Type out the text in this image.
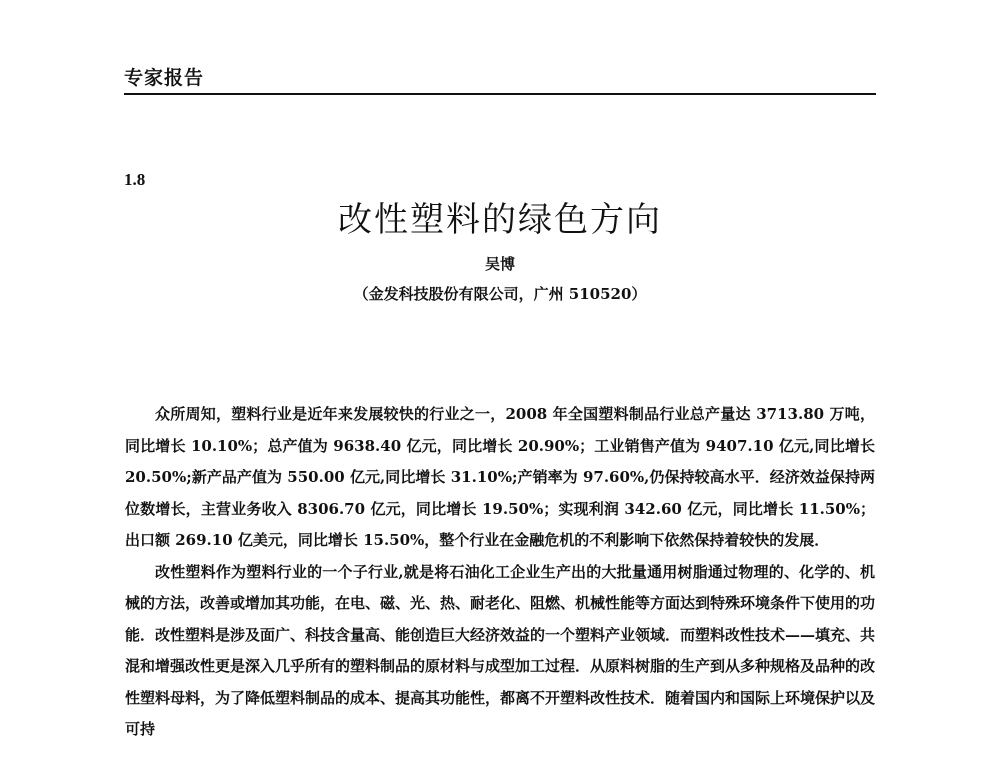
专家报告
1.8
改性塑料的绿色方向
吴博
（金发科技股份有限公司，广州 510520）

众所周知，塑料行业是近年来发展较快的行业之一，2008 年全国塑料制品行业总产量达 3713.80 万吨，同比增长 10.10%；总产值为 9638.40 亿元，同比增长 20.90%；工业销售产值为 9407.10 亿元,同比增长 20.50%;新产品产值为 550.00 亿元,同比增长 31.10%;产销率为 97.60%,仍保持较高水平．经济效益保持两位数增长，主营业务收入 8306.70 亿元，同比增长 19.50%；实现利润 342.60 亿元，同比增长 11.50%；出口额 269.10 亿美元，同比增长 15.50%，整个行业在金融危机的不利影响下依然保持着较快的发展．

改性塑料作为塑料行业的一个子行业,就是将石油化工企业生产出的大批量通用树脂通过物理的、化学的、机械的方法，改善或增加其功能，在电、磁、光、热、耐老化、阻燃、机械性能等方面达到特殊环境条件下使用的功能．改性塑料是涉及面广、科技含量高、能创造巨大经济效益的一个塑料产业领域．而塑料改性技术——填充、共混和增强改性更是深入几乎所有的塑料制品的原材料与成型加工过程．从原料树脂的生产到从多种规格及品种的改性塑料母料，为了降低塑料制品的成本、提高其功能性，都离不开塑料改性技术．随着国内和国际上环境保护以及可持
